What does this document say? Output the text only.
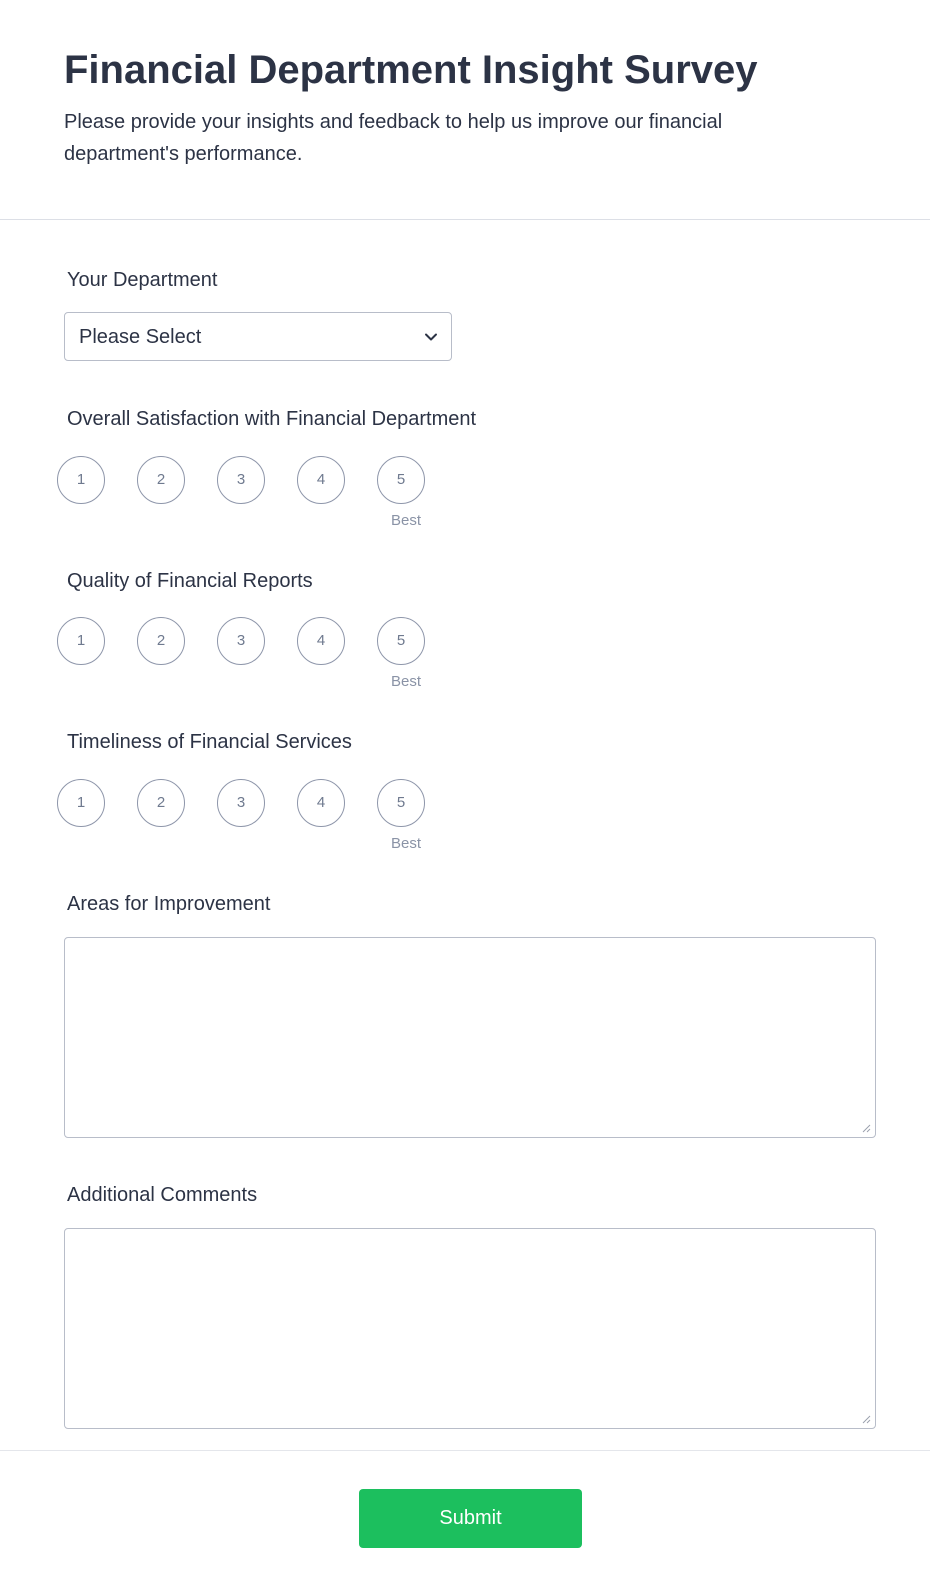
Financial Department Insight Survey

Please provide your insights and feedback to help us improve our financial department's performance.

Your Department
Please Select
Overall Satisfaction with Financial Department
1	2	3	4	5
Best
Quality of Financial Reports
1	2	3	4	5
Best
Timeliness of Financial Services
1	2	3	4	5
Best
Areas for Improvement
Additional Comments
Submit
